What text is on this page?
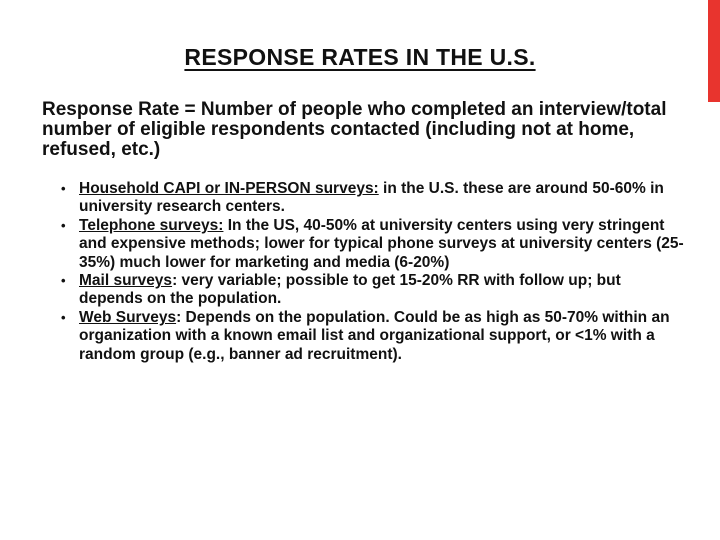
RESPONSE RATES IN THE U.S.

Response Rate = Number of people who completed an interview/total number of eligible respondents contacted (including not at home, refused, etc.)

• Household CAPI or IN-PERSON surveys: in the U.S. these are around 50-60% in university research centers.
• Telephone surveys: In the US, 40-50% at university centers using very stringent and expensive methods; lower for typical phone surveys at university centers (25-35%) much lower for marketing and media (6-20%)
• Mail surveys: very variable; possible to get 15-20% RR with follow up; but depends on the population.
• Web Surveys: Depends on the population. Could be as high as 50-70% within an organization with a known email list and organizational support, or <1% with a random group (e.g., banner ad recruitment).
